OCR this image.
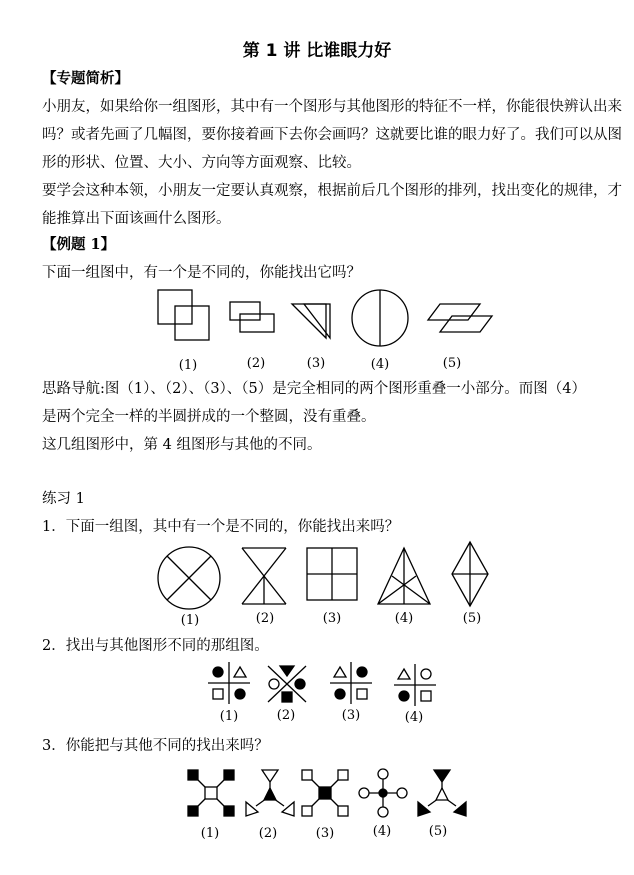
第 1 讲 比谁眼力好
【专题简析】
小朋友，如果给你一组图形，其中有一个图形与其他图形的特征不一样，你能很快辨认出来
吗？或者先画了几幅图，要你接着画下去你会画吗？这就要比谁的眼力好了。我们可以从图
形的形状、位置、大小、方向等方面观察、比较。
要学会这种本领，小朋友一定要认真观察，根据前后几个图形的排列，找出变化的规律，才
能推算出下面该画什么图形。
【例题 1】
下面一组图中，有一个是不同的，你能找出它吗？
(1)	(2)	(3)	(4)	(5)
思路导航:图（1）、（2）、（3）、（5）是完全相同的两个图形重叠一小部分。而图（4）
是两个完全一样的半圆拼成的一个整圆，没有重叠。
这几组图形中，第 4 组图形与其他的不同。
练习 1
1．下面一组图，其中有一个是不同的，你能找出来吗？
(1)	(2)	(3)	(4)	(5)
2．找出与其他图形不同的那组图。
(1)	(2)	(3)	(4)
3．你能把与其他不同的找出来吗？
(1)	(2)	(3)	(4)	(5)
